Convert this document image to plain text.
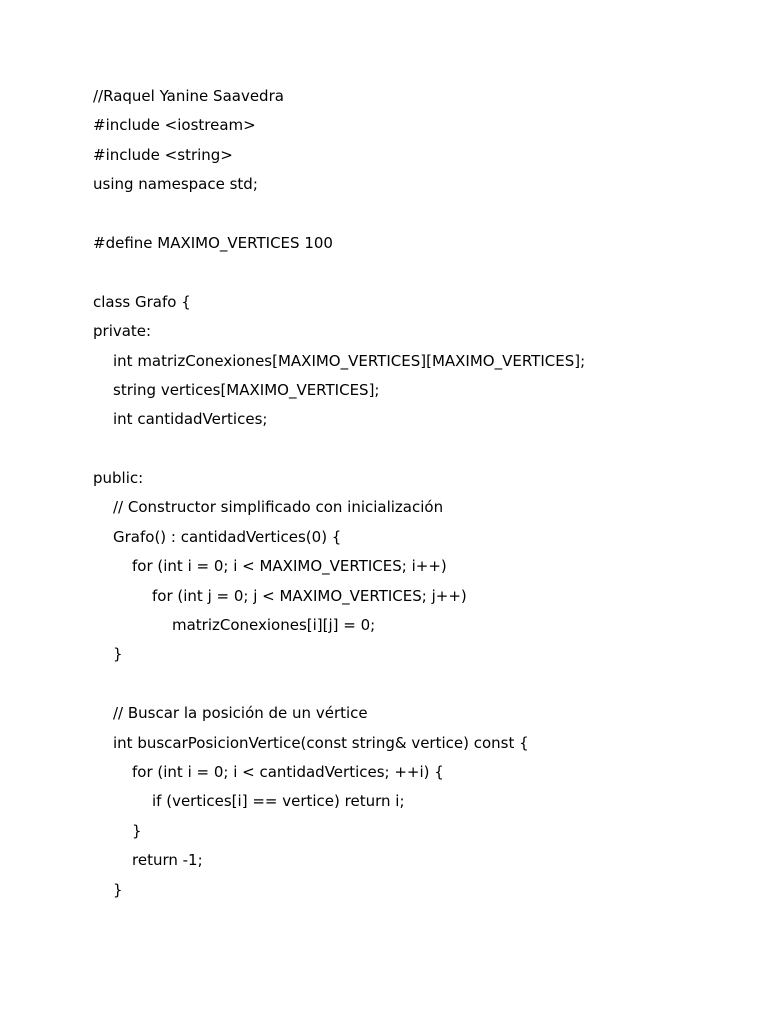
//Raquel Yanine Saavedra
#include <iostream>
#include <string>
using namespace std;
#define MAXIMO_VERTICES 100
class Grafo {
private:
int matrizConexiones[MAXIMO_VERTICES][MAXIMO_VERTICES];
string vertices[MAXIMO_VERTICES];
int cantidadVertices;
public:
// Constructor simplificado con inicialización
Grafo() : cantidadVertices(0) {
for (int i = 0; i < MAXIMO_VERTICES; i++)
for (int j = 0; j < MAXIMO_VERTICES; j++)
matrizConexiones[i][j] = 0;
}
// Buscar la posición de un vértice
int buscarPosicionVertice(const string& vertice) const {
for (int i = 0; i < cantidadVertices; ++i) {
if (vertices[i] == vertice) return i;
}
return -1;
}
